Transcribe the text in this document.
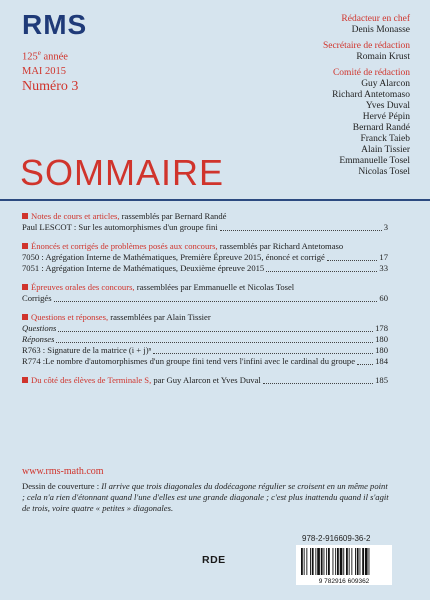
RMS
125e année
MAI 2015
Numéro 3
Rédacteur en chef
Denis Monasse
Secrétaire de rédaction
Romain Krust
Comité de rédaction
Guy Alarcon
Richard Antetomaso
Yves Duval
Hervé Pépin
Bernard Randé
Franck Taieb
Alain Tissier
Emmanuelle Tosel
Nicolas Tosel
SOMMAIRE
Notes de cours et articles, rassemblés par Bernard Randé
Paul LESCOT : Sur les automorphismes d'un groupe fini	3
Énoncés et corrigés de problèmes posés aux concours, rassemblés par Richard Antetomaso
7050 : Agrégation Interne de Mathématiques, Première Épreuve 2015, énoncé et corrigé	17
7051 : Agrégation Interne de Mathématiques, Deuxième épreuve 2015	33
Épreuves orales des concours, rassemblées par Emmanuelle et Nicolas Tosel
Corrigés	60
Questions et réponses, rassemblées par Alain Tissier
Questions	178
Réponses	180
R763 : Signature de la matrice (i + j)ⁿ	180
R774 :Le nombre d'automorphismes d'un groupe fini tend vers l'infini avec le cardinal du groupe 184
Du côté des élèves de Terminale S, par Guy Alarcon et Yves Duval	185
www.rms-math.com
Dessin de couverture : Il arrive que trois diagonales du dodécagone régulier se croisent en un même point ; cela n'a rien d'étonnant quand l'une d'elles est une grande diagonale ; c'est plus inattendu quand il s'agit de trois, voire quatre « petites » diagonales.
RDE
978-2-916609-36-2
9 782916 609362
